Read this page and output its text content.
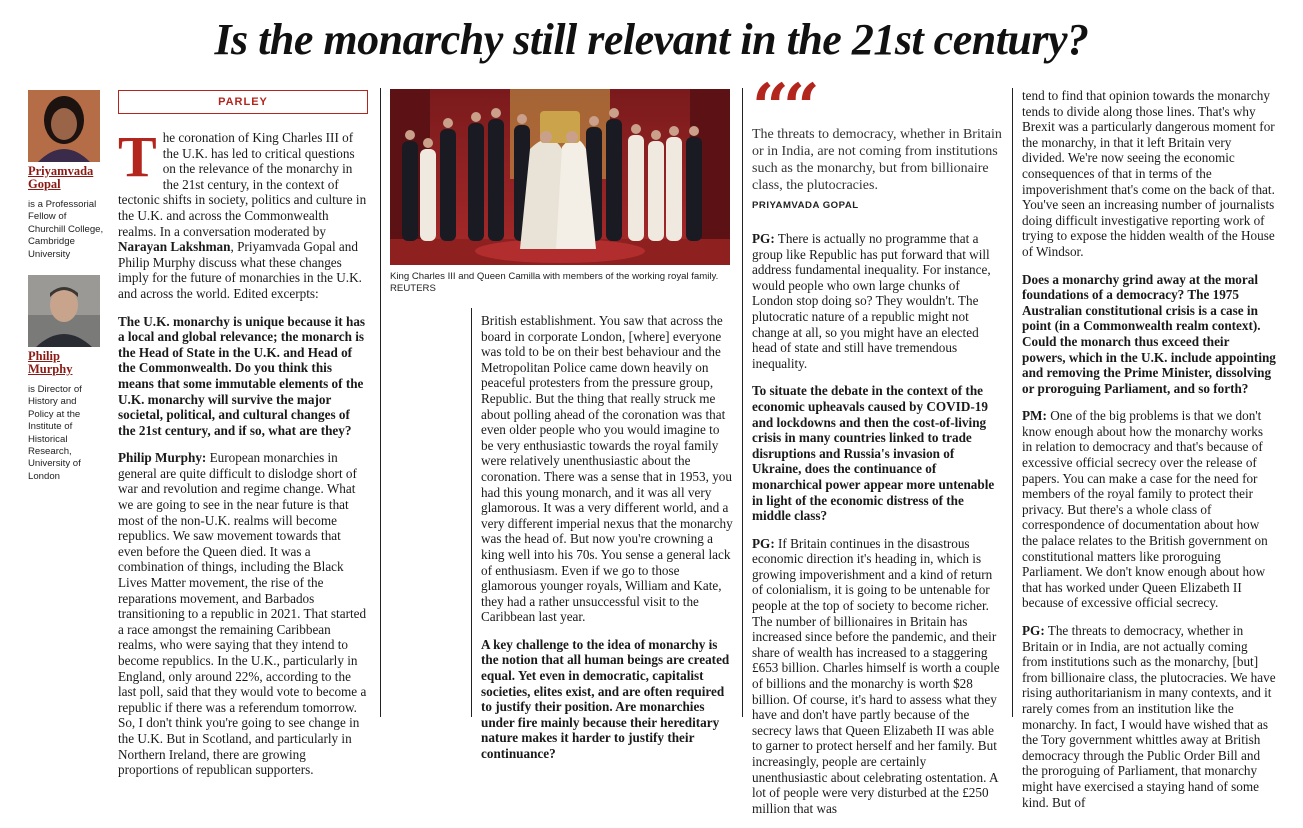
Is the monarchy still relevant in the 21st century?
Priyamvada Gopal
is a Professorial Fellow of Churchill College, Cambridge University
Philip Murphy
is Director of History and Policy at the Institute of Historical Research, University of London
PARLEY

The coronation of King Charles III of the U.K. has led to critical questions on the relevance of the monarchy in the 21st century, in the context of tectonic shifts in society, politics and culture in the U.K. and across the Commonwealth realms. In a conversation moderated by Narayan Lakshman, Priyamvada Gopal and Philip Murphy discuss what these changes imply for the future of monarchies in the U.K. and across the world. Edited excerpts:

The U.K. monarchy is unique because it has a local and global relevance; the monarch is the Head of State in the U.K. and Head of the Commonwealth. Do you think this means that some immutable elements of the U.K. monarchy will survive the major societal, political, and cultural changes of the 21st century, and if so, what are they?

Philip Murphy: European monarchies in general are quite difficult to dislodge short of war and revolution and regime change. What we are going to see in the near future is that most of the non-U.K. realms will become republics. We saw movement towards that even before the Queen died. It was a combination of things, including the Black Lives Matter movement, the rise of the reparations movement, and Barbados transitioning to a republic in 2021. That started a race amongst the remaining Caribbean realms, who were saying that they intend to become republics. In the U.K., particularly in England, only around 22%, according to the last poll, said that they would vote to become a republic if there was a referendum tomorrow. So, I don't think you're going to see change in the U.K. But in Scotland, and particularly in Northern Ireland, there are growing proportions of republican supporters.

King Charles III and Queen Camilla with members of the working royal family.
REUTERS

British establishment. You saw that across the board in corporate London, [where] everyone was told to be on their best behaviour and the Metropolitan Police came down heavily on peaceful protesters from the pressure group, Republic. But the thing that really struck me about polling ahead of the coronation was that even older people who you would imagine to be very enthusiastic towards the royal family were relatively unenthusiastic about the coronation. There was a sense that in 1953, you had this young monarch, and it was all very glamorous. It was a very different world, and a very different imperial nexus that the monarchy was the head of. But now you're crowning a king well into his 70s. You sense a general lack of enthusiasm. Even if we go to those glamorous younger royals, William and Kate, they had a rather unsuccessful visit to the Caribbean last year.

A key challenge to the idea of monarchy is the notion that all human beings are created equal. Yet even in democratic, capitalist societies, elites exist, and are often required to justify their position. Are monarchies under fire mainly because their hereditary nature makes it harder to justify their continuance?

““
The threats to democracy, whether in Britain or in India, are not coming from institutions such as the monarchy, but from billionaire class, the plutocracies.
PRIYAMVADA GOPAL

PG: There is actually no programme that a group like Republic has put forward that will address fundamental inequality. For instance, would people who own large chunks of London stop doing so? They wouldn't. The plutocratic nature of a republic might not change at all, so you might have an elected head of state and still have tremendous inequality.

To situate the debate in the context of the economic upheavals caused by COVID-19 and lockdowns and then the cost-of-living crisis in many countries linked to trade disruptions and Russia's invasion of Ukraine, does the continuance of monarchical power appear more untenable in light of the economic distress of the middle class?

PG: If Britain continues in the disastrous economic direction it's heading in, which is growing impoverishment and a kind of return of colonialism, it is going to be untenable for people at the top of society to become richer. The number of billionaires in Britain has increased since before the pandemic, and their share of wealth has increased to a staggering £653 billion. Charles himself is worth a couple of billions and the monarchy is worth $28 billion. Of course, it's hard to assess what they have and don't have partly because of the secrecy laws that Queen Elizabeth II was able to garner to protect herself and her family. But increasingly, people are certainly unenthusiastic about celebrating ostentation. A lot of people were very disturbed at the £250 million that was

tend to find that opinion towards the monarchy tends to divide along those lines. That's why Brexit was a particularly dangerous moment for the monarchy, in that it left Britain very divided. We're now seeing the economic consequences of that in terms of the impoverishment that's come on the back of that. You've seen an increasing number of journalists doing difficult investigative reporting work of trying to expose the hidden wealth of the House of Windsor.

Does a monarchy grind away at the moral foundations of a democracy? The 1975 Australian constitutional crisis is a case in point (in a Commonwealth realm context). Could the monarch thus exceed their powers, which in the U.K. include appointing and removing the Prime Minister, dissolving or proroguing Parliament, and so forth?

PM: One of the big problems is that we don't know enough about how the monarchy works in relation to democracy and that's because of excessive official secrecy over the release of papers. You can make a case for the need for members of the royal family to protect their privacy. But there's a whole class of correspondence of documentation about how the palace relates to the British government on constitutional matters like proroguing Parliament. We don't know enough about how that has worked under Queen Elizabeth II because of excessive official secrecy.

PG: The threats to democracy, whether in Britain or in India, are not actually coming from institutions such as the monarchy, [but] from billionaire class, the plutocracies. We have rising authoritarianism in many contexts, and it rarely comes from an institution like the monarchy. In fact, I would have wished that as the Tory government whittles away at British democracy through the Public Order Bill and the proroguing of Parliament, that monarchy might have exercised a staying hand of some kind. But of
